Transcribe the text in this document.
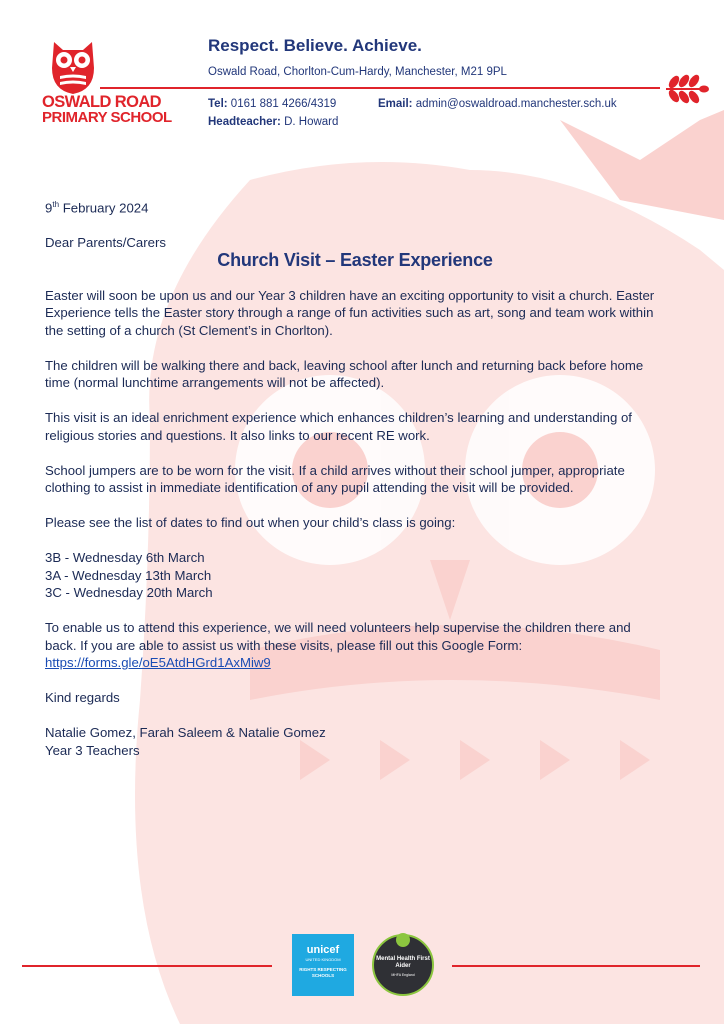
OSWALD ROAD
PRIMARY SCHOOL
Respect. Believe. Achieve.
Oswald Road, Chorlton-Cum-Hardy, Manchester, M21 9PL
Tel: 0161 881 4266/4319	Email: admin@oswaldroad.manchester.sch.uk
Headteacher: D. Howard

9th February 2024

Dear Parents/Carers

Church Visit – Easter Experience

Easter will soon be upon us and our Year 3 children have an exciting opportunity to visit a church. Easter Experience tells the Easter story through a range of fun activities such as art, song and team work within the setting of a church (St Clement’s in Chorlton).

The children will be walking there and back, leaving school after lunch and returning back before home time (normal lunchtime arrangements will not be affected).

This visit is an ideal enrichment experience which enhances children’s learning and understanding of religious stories and questions. It also links to our recent RE work.

School jumpers are to be worn for the visit. If a child arrives without their school jumper, appropriate clothing to assist in immediate identification of any pupil attending the visit will be provided.

Please see the list of dates to find out when your child’s class is going:

3B - Wednesday 6th March

3A - Wednesday 13th March

3C - Wednesday 20th March

To enable us to attend this experience, we will need volunteers help supervise the children there and back. If you are able to assist us with these visits, please fill out this Google Form:

https://forms.gle/oE5AtdHGrd1AxMiw9

Kind regards

Natalie Gomez, Farah Saleem & Natalie Gomez

Year 3 Teachers

unicef
UNITED KINGDOM
RIGHTS RESPECTING SCHOOLS
Mental Health First Aider
MHFA England
